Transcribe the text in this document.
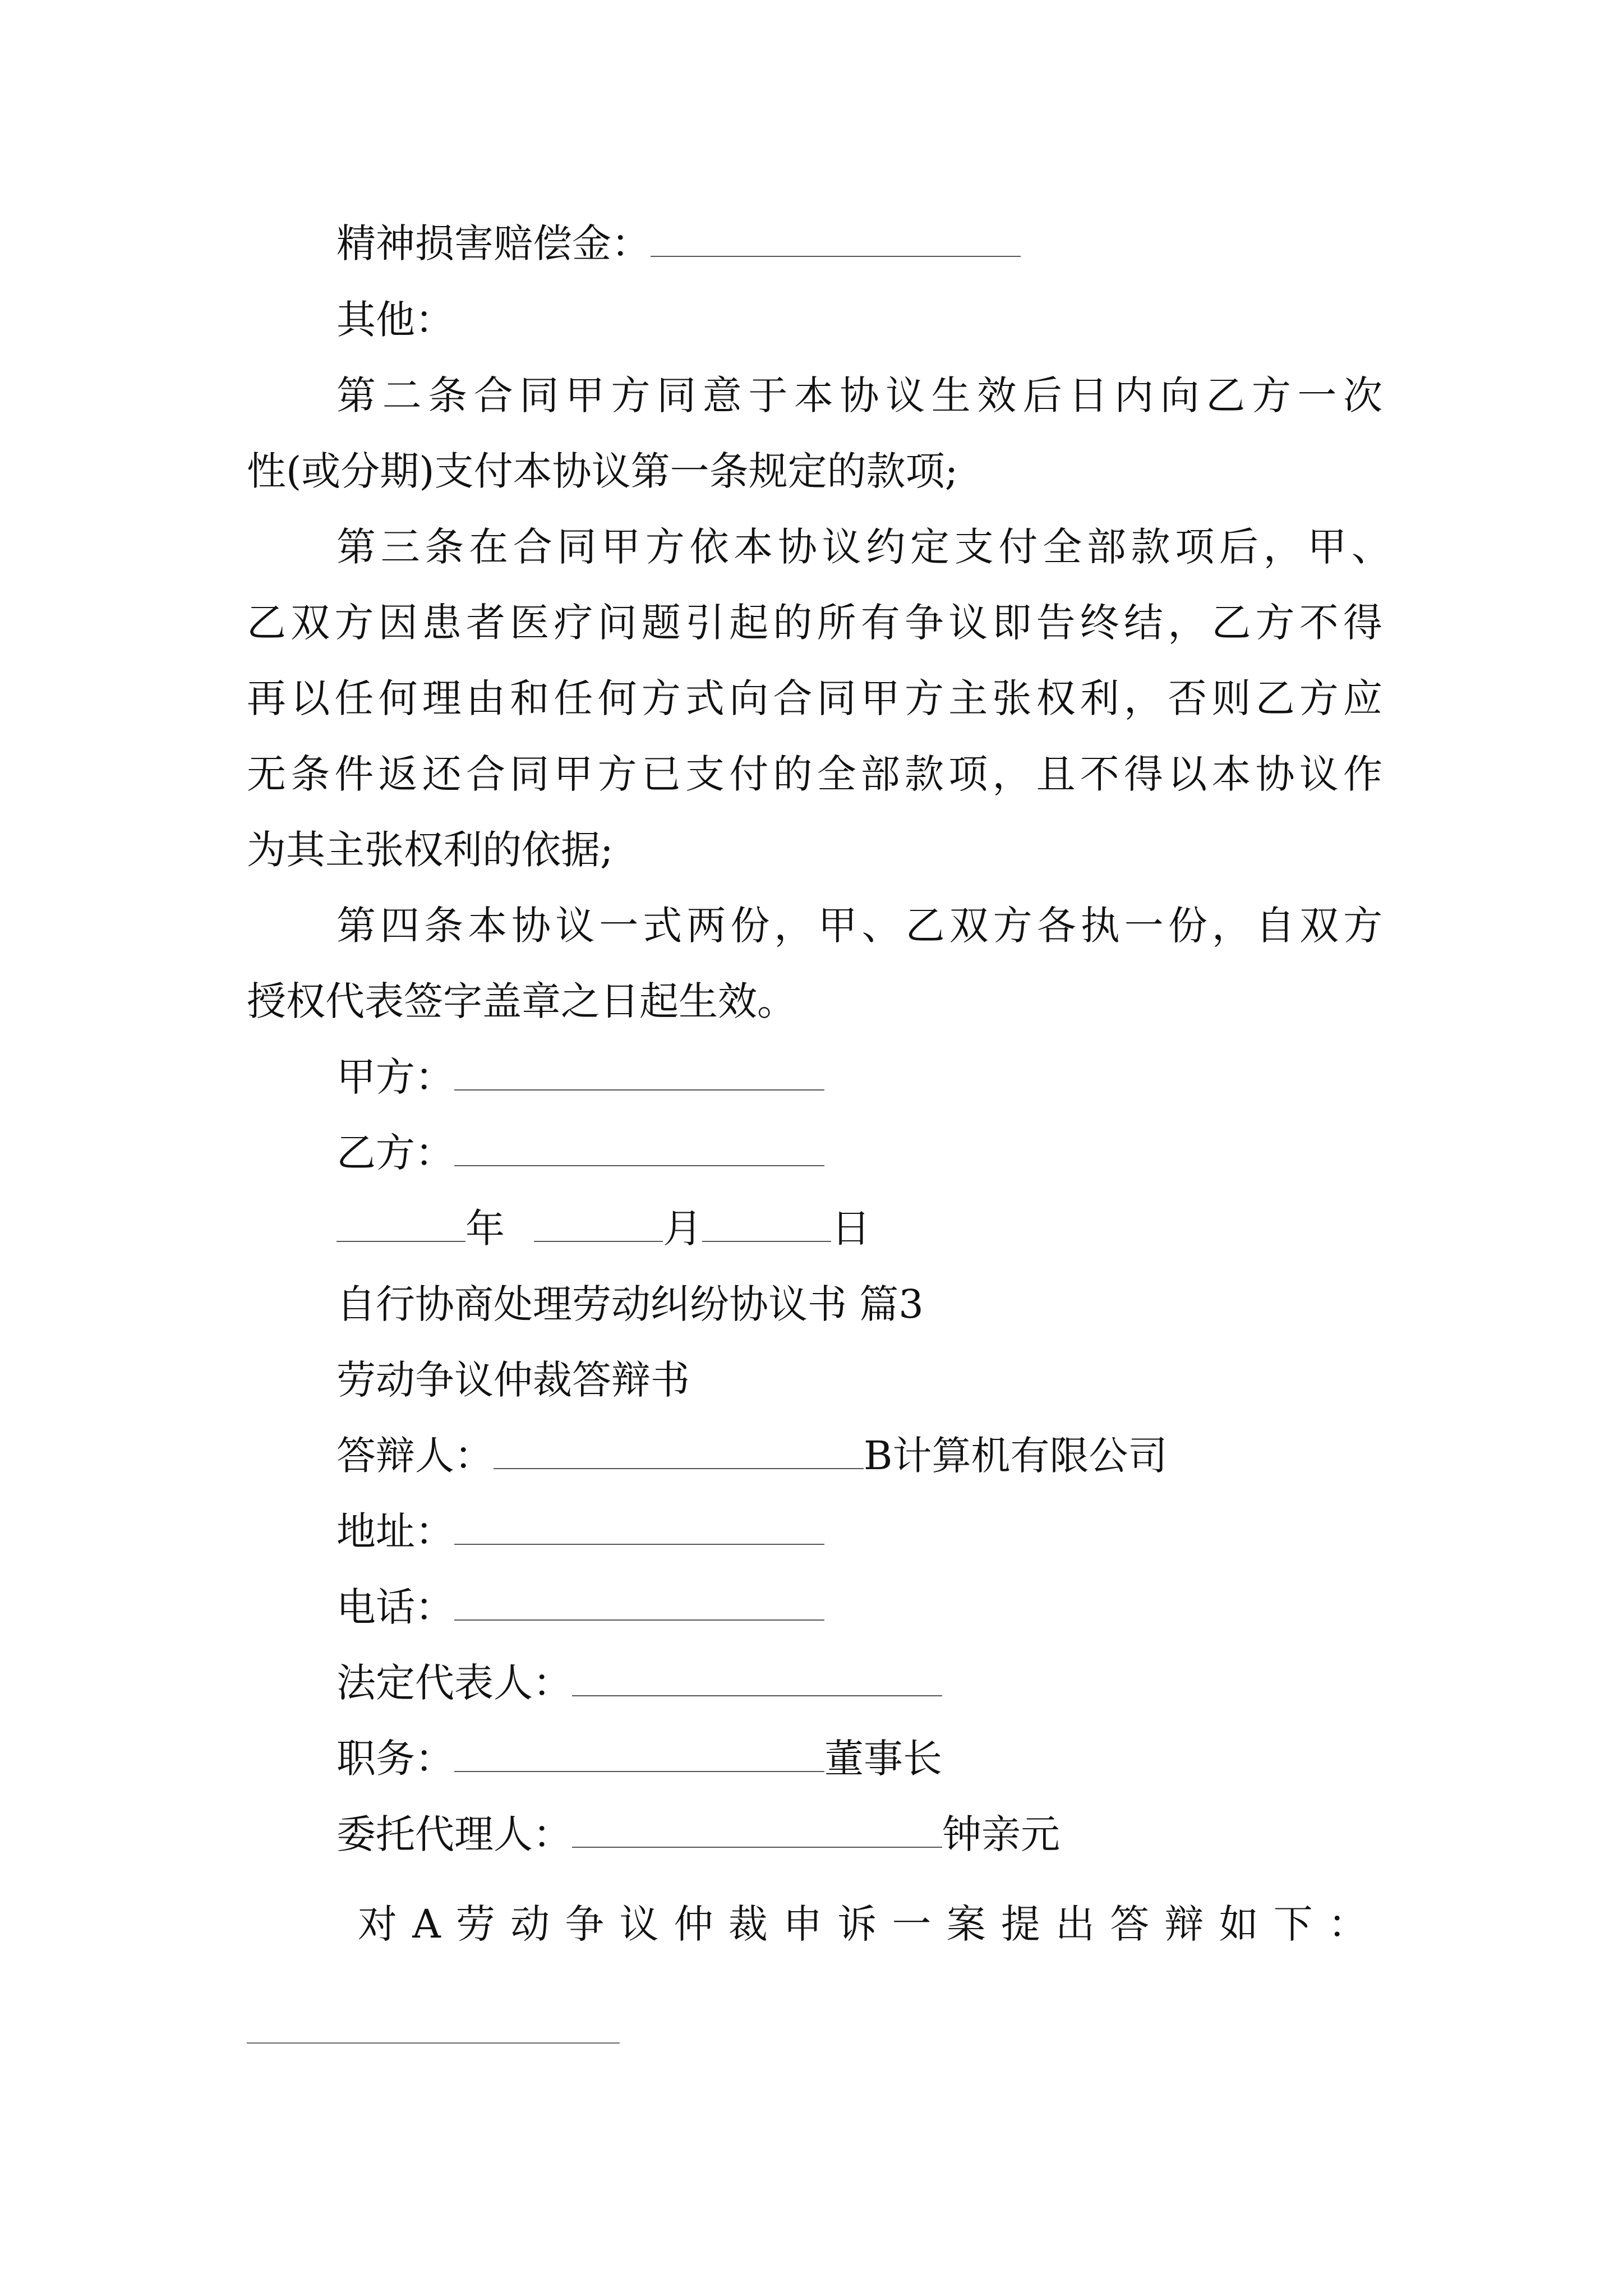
精神损害赔偿金：
其他：
第二条合同甲方同意于本协议生效后日内向乙方一次
性(或分期)支付本协议第一条规定的款项;
第三条在合同甲方依本协议约定支付全部款项后，甲、
乙双方因患者医疗问题引起的所有争议即告终结，乙方不得
再以任何理由和任何方式向合同甲方主张权利，否则乙方应
无条件返还合同甲方已支付的全部款项，且不得以本协议作
为其主张权利的依据;
第四条本协议一式两份，甲、乙双方各执一份，自双方
授权代表签字盖章之日起生效。
甲方：
乙方：
年	月	日
自行协商处理劳动纠纷协议书 篇3
劳动争议仲裁答辩书
答辩人：	B计算机有限公司
地址：
电话：
法定代表人：
职务：	董事长
委托代理人：	钟亲元
对A劳动争议仲裁申诉一案提出答辩如下：
